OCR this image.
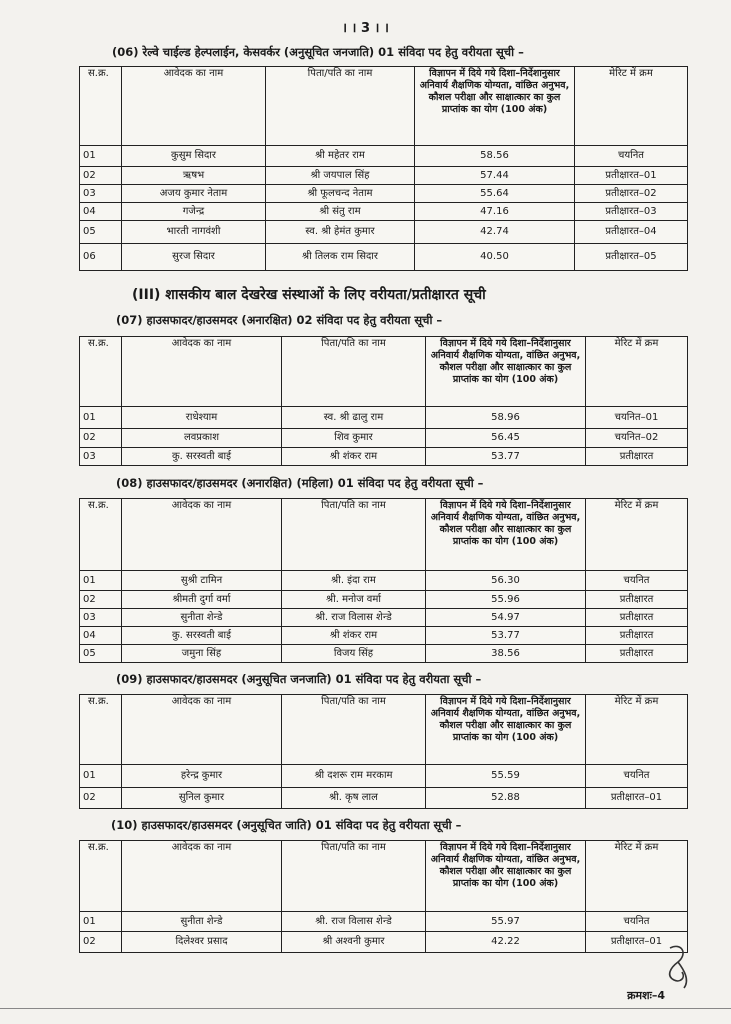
। । 3 । ।
(06) रेल्वे चाईल्ड हेल्पलाईन, केसवर्कर (अनुसूचित जनजाति) 01 संविदा पद हेतु वरीयता सूची –
स.क्र.	आवेदक का नाम	पिता/पति का नाम	विज्ञापन में दिये गये दिशा–निर्देशानुसार अनिवार्य शैक्षणिक योग्यता, वांछित अनुभव, कौशल परीक्षा और साक्षात्कार का कुल प्राप्तांक का योग (100 अंक)	मेरिट में क्रम
01	कुसुम सिदार	श्री महेतर राम	58.56	चयनित
02	ऋषभ	श्री जयपाल सिंह	57.44	प्रतीक्षारत–01
03	अजय कुमार नेताम	श्री फूलचन्द नेताम	55.64	प्रतीक्षारत–02
04	गजेन्द्र	श्री संतु राम	47.16	प्रतीक्षारत–03
05	भारती नागवंशी	स्व. श्री हेमंत कुमार	42.74	प्रतीक्षारत–04
06	सुरज सिदार	श्री तिलक राम सिदार	40.50	प्रतीक्षारत–05
(III) शासकीय बाल देखरेख संस्थाओं के लिए वरीयता/प्रतीक्षारत सूची
(07) हाउसफादर/हाउसमदर (अनारक्षित) 02 संविदा पद हेतु वरीयता सूची –
स.क्र.	आवेदक का नाम	पिता/पति का नाम	विज्ञापन में दिये गये दिशा–निर्देशानुसार अनिवार्य शैक्षणिक योग्यता, वांछित अनुभव, कौशल परीक्षा और साक्षात्कार का कुल प्राप्तांक का योग (100 अंक)	मेरिट में क्रम
01	राधेश्याम	स्व. श्री ढालु राम	58.96	चयनित–01
02	लवप्रकाश	शिव कुमार	56.45	चयनित–02
03	कु. सरस्वती बाई	श्री शंकर राम	53.77	प्रतीक्षारत
(08) हाउसफादर/हाउसमदर (अनारक्षित) (महिला) 01 संविदा पद हेतु वरीयता सूची –
स.क्र.	आवेदक का नाम	पिता/पति का नाम	विज्ञापन में दिये गये दिशा–निर्देशानुसार अनिवार्य शैक्षणिक योग्यता, वांछित अनुभव, कौशल परीक्षा और साक्षात्कार का कुल प्राप्तांक का योग (100 अंक)	मेरिट में क्रम
01	सुश्री टामिन	श्री. इंदा राम	56.30	चयनित
02	श्रीमती दुर्गा वर्मा	श्री. मनोज वर्मा	55.96	प्रतीक्षारत
03	सुनीता शेन्डे	श्री. राज विलास शेन्डे	54.97	प्रतीक्षारत
04	कु. सरस्वती बाई	श्री शंकर राम	53.77	प्रतीक्षारत
05	जमुना सिंह	विजय सिंह	38.56	प्रतीक्षारत
(09) हाउसफादर/हाउसमदर (अनुसूचित जनजाति) 01 संविदा पद हेतु वरीयता सूची –
स.क्र.	आवेदक का नाम	पिता/पति का नाम	विज्ञापन में दिये गये दिशा–निर्देशानुसार अनिवार्य शैक्षणिक योग्यता, वांछित अनुभव, कौशल परीक्षा और साक्षात्कार का कुल प्राप्तांक का योग (100 अंक)	मेरिट में क्रम
01	हरेन्द्र कुमार	श्री दशरू राम मरकाम	55.59	चयनित
02	सुनिल कुमार	श्री. कृष लाल	52.88	प्रतीक्षारत–01
(10) हाउसफादर/हाउसमदर (अनुसूचित जाति) 01 संविदा पद हेतु वरीयता सूची –
स.क्र.	आवेदक का नाम	पिता/पति का नाम	विज्ञापन में दिये गये दिशा–निर्देशानुसार अनिवार्य शैक्षणिक योग्यता, वांछित अनुभव, कौशल परीक्षा और साक्षात्कार का कुल प्राप्तांक का योग (100 अंक)	मेरिट में क्रम
01	सुनीता शेन्डे	श्री. राज विलास शेन्डे	55.97	चयनित
02	दिलेश्वर प्रसाद	श्री अश्वनी कुमार	42.22	प्रतीक्षारत–01
क्रमशः–4
